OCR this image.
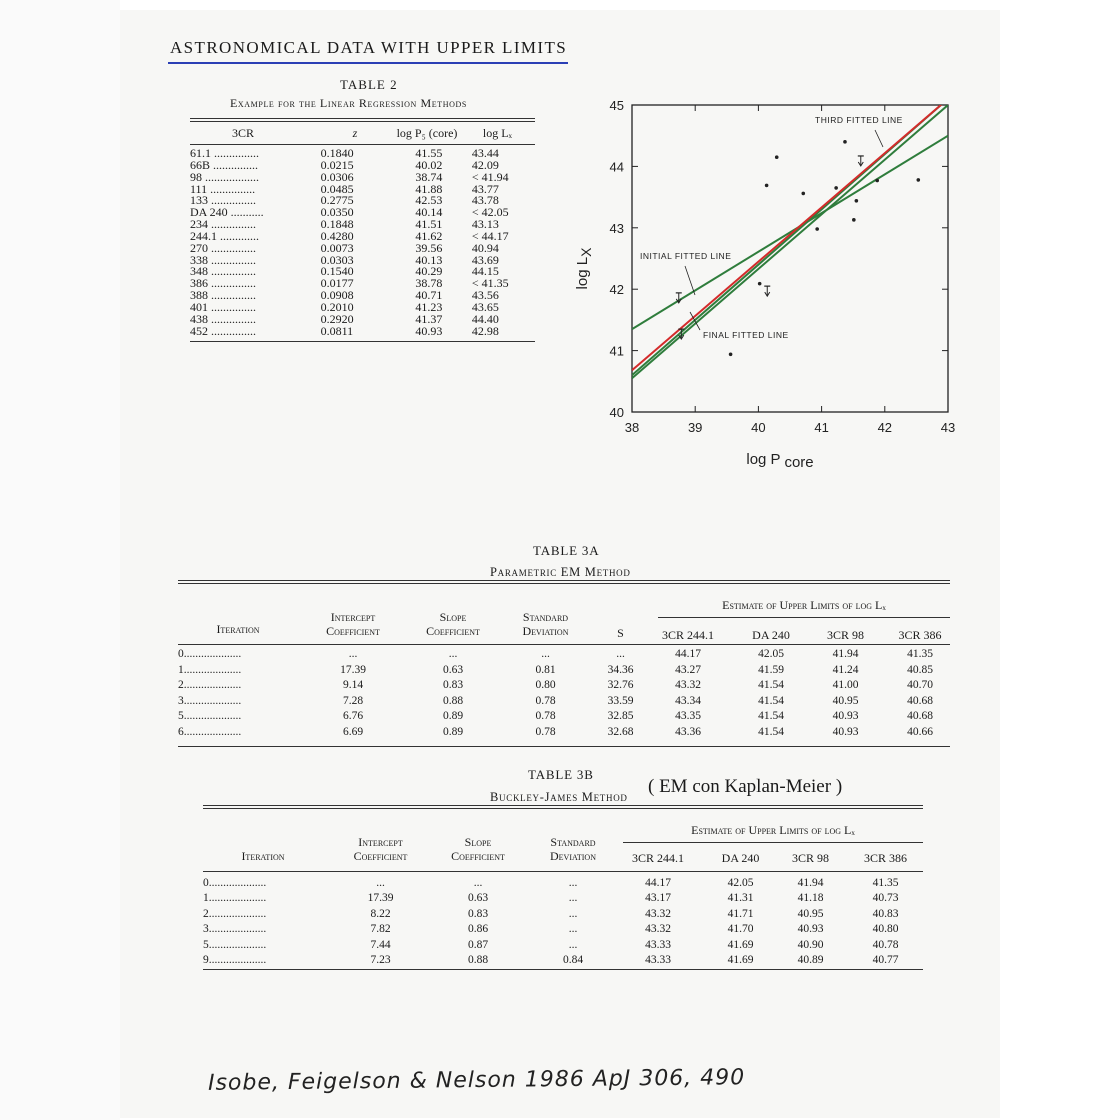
ASTRONOMICAL DATA WITH UPPER LIMITS
TABLE 2
Example for the Linear Regression Methods
3CR	z	log P₅ (core)	log Lₓ
61.1 ...............	0.1840	41.55	43.44
66B ...............	0.0215	40.02	42.09
98 ..................	0.0306	38.74	< 41.94
111 ...............	0.0485	41.88	43.77
133 ...............	0.2775	42.53	43.78
DA 240 ...........	0.0350	40.14	< 42.05
234 ...............	0.1848	41.51	43.13
244.1 .............	0.4280	41.62	< 44.17
270 ...............	0.0073	39.56	40.94
338 ...............	0.0303	40.13	43.69
348 ...............	0.1540	40.29	44.15
386 ...............	0.0177	38.78	< 41.35
388 ...............	0.0908	40.71	43.56
401 ...............	0.2010	41.23	43.65
438 ...............	0.2920	41.37	44.40
452 ...............	0.0811	40.93	42.98
38	39	40	41	42	43
40
41
42
43
44
45
log P core
log LX
THIRD FITTED LINE
INITIAL FITTED LINE
FINAL FITTED LINE
TABLE 3A
Parametric EM Method
Estimate of Upper Limits of log Lₓ
Iteration
Intercept Coefficient
Slope Coefficient
Standard Deviation	S	3CR 244.1	DA 240	3CR 98	3CR 386
0....................	...	...	...	...	44.17	42.05	41.94	41.35
1....................	17.39	0.63	0.81	34.36	43.27	41.59	41.24	40.85
2....................	9.14	0.83	0.80	32.76	43.32	41.54	41.00	40.70
3....................	7.28	0.88	0.78	33.59	43.34	41.54	40.95	40.68
5....................	6.76	0.89	0.78	32.85	43.35	41.54	40.93	40.68
6....................	6.69	0.89	0.78	32.68	43.36	41.54	40.93	40.66
TABLE 3B
Buckley-James Method ( EM con Kaplan-Meier )
Estimate of Upper Limits of log Lₓ
Iteration
Intercept Coefficient
Slope Coefficient
Standard Deviation	3CR 244.1	DA 240	3CR 98	3CR 386
0....................	...	...	...	44.17	42.05	41.94	41.35
1....................	17.39	0.63	...	43.17	41.31	41.18	40.73
2....................	8.22	0.83	...	43.32	41.71	40.95	40.83
3....................	7.82	0.86	...	43.32	41.70	40.93	40.80
5....................	7.44	0.87	...	43.33	41.69	40.90	40.78
9....................	7.23	0.88	0.84	43.33	41.69	40.89	40.77
Isobe, Feigelson & Nelson 1986 ApJ 306, 490
